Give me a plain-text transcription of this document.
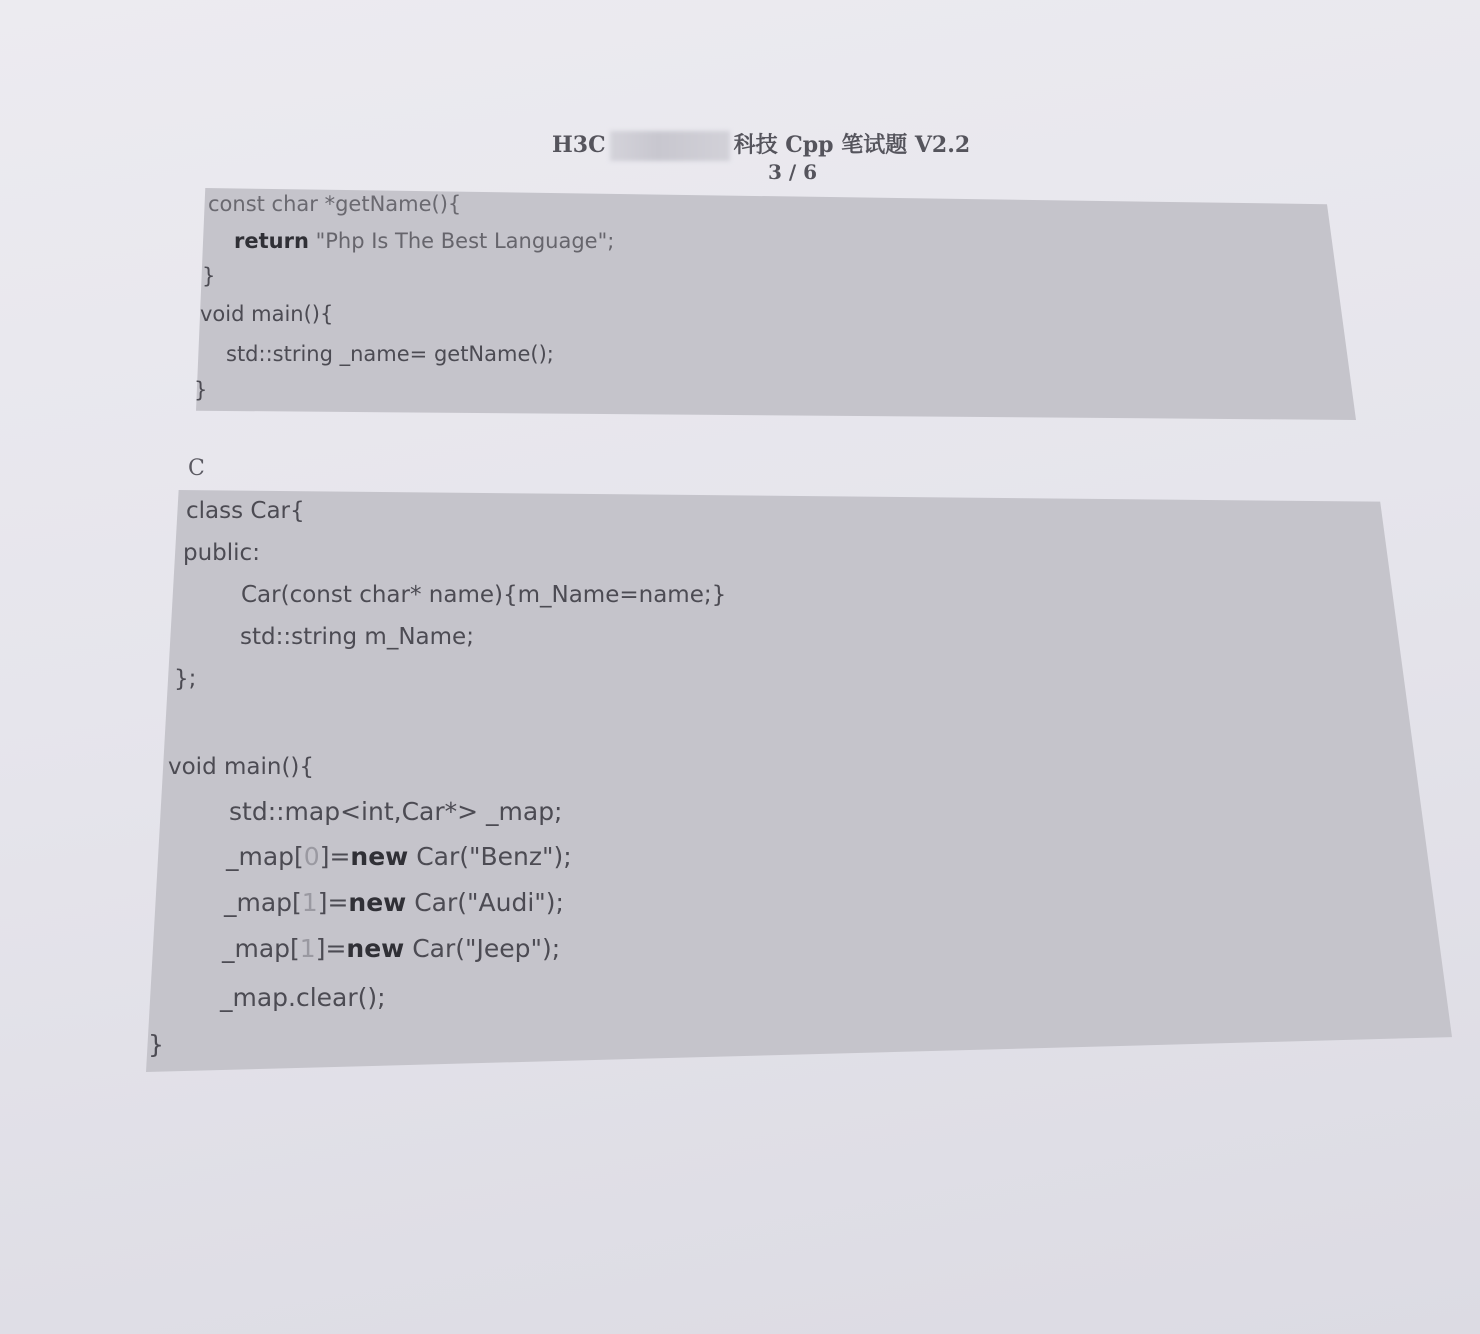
H3C	科技 Cpp 笔试题 V2.2
3 / 6
const char *getName(){
return "Php Is The Best Language";
}
void main(){
std::string _name= getName();
}
C
class Car{
public:
Car(const char* name){m_Name=name;}
std::string m_Name;
};
void main(){
std::map<int,Car*> _map;
_map[0]=new Car("Benz");
_map[1]=new Car("Audi");
_map[1]=new Car("Jeep");
_map.clear();
}
